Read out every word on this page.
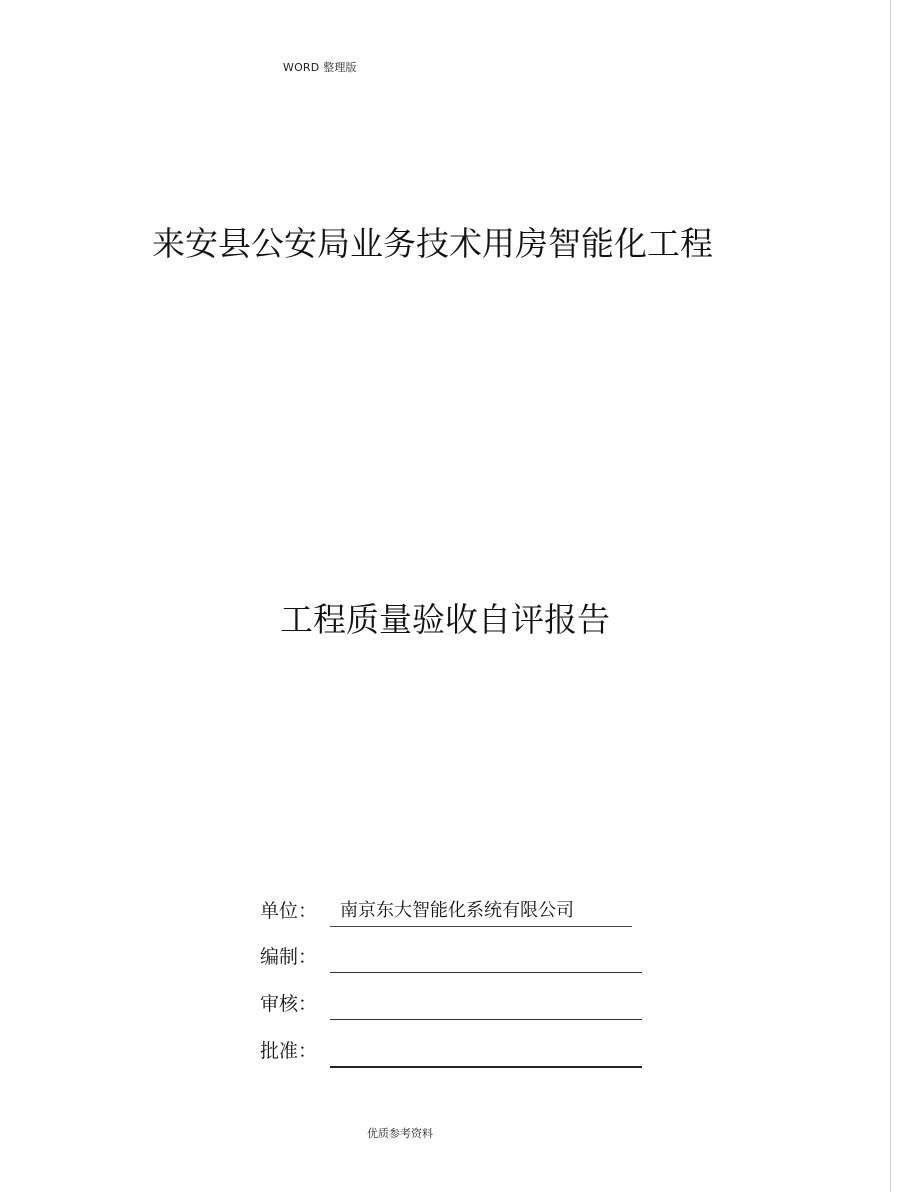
WORD 整理版
来安县公安局业务技术用房智能化工程
工程质量验收自评报告
单位： 南京东大智能化系统有限公司
编制：
审核：
批准：
优质参考资料
